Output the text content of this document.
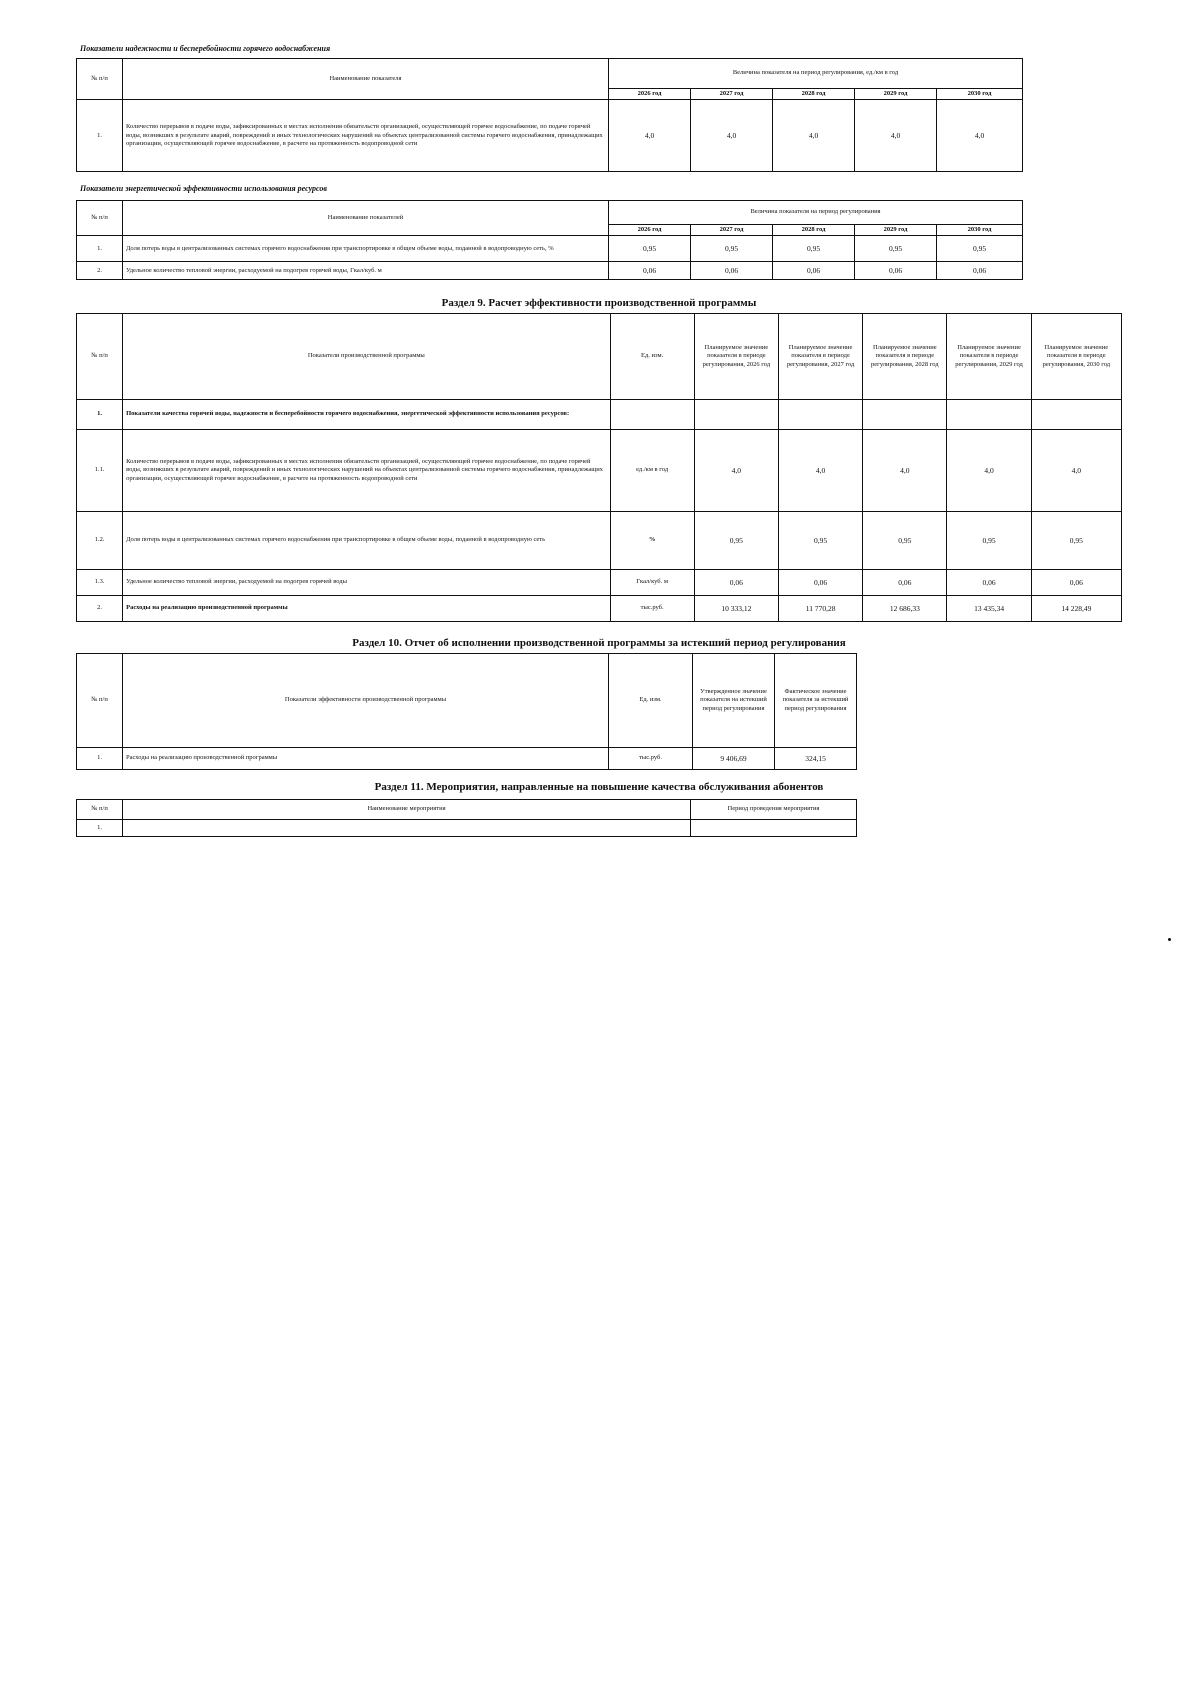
Показатели надежности и бесперебойности горячего водоснабжения
№ п/п	Наименование показателя	Величина показателя на период регулирования, ед./км в год				
		2026 год	2027 год	2028 год	2029 год	2030 год
1.	Количество перерывов в подаче воды, зафиксированных в местах исполнения обязательств организацией, осуществляющей горячее водоснабжение, по подаче горячей воды, возникших в результате аварий, повреждений и иных технологических нарушений на объектах централизованной системы горячего водоснабжения, принадлежащих организации, осуществляющей горячее водоснабжение, в расчете на протяженность водопроводной сети	4,0	4,0	4,0	4,0	4,0
Показатели энергетической эффективности использования ресурсов
№ п/п	Наименование показателей	Величина показателя на период регулирования				
		2026 год	2027 год	2028 год	2029 год	2030 год
1.	Доля потерь воды в централизованных системах горячего водоснабжения при транспортировке в общем объеме воды, поданной в водопроводную сеть, %	0,95	0,95	0,95	0,95	0,95
2.	Удельное количество тепловой энергии, расходуемой на подогрев горячей воды, Гкал/куб. м	0,06	0,06	0,06	0,06	0,06
Раздел 9. Расчет эффективности производственной программы
№ п/п	Показатели производственной программы	Ед. изм.	Планируемое значение показателя в периоде регулирования, 2026 год	Планируемое значение показателя в периоде регулирования, 2027 год	Планируемое значение показателя в периоде регулирования, 2028 год	Планируемое значение показателя в периоде регулирования, 2029 год	Планируемое значение показателя в периоде регулирования, 2030 год
1.	Показатели качества горячей воды, надежности и бесперебойности горячего водоснабжения, энергетической эффективности использования ресурсов:						
1.1.	Количество перерывов в подаче воды, зафиксированных в местах исполнения обязательств организацией, осуществляющей горячее водоснабжение, по подаче горячей воды, возникших в результате аварий, повреждений и иных технологических нарушений на объектах централизованной системы горячего водоснабжения, принадлежащих организации, осуществляющей горячее водоснабжение, в расчете на протяженность водопроводной сети	ед./км в год	4,0	4,0	4,0	4,0	4,0
1.2.	Доля потерь воды в централизованных системах горячего водоснабжения при транспортировке в общем объеме воды, поданной в водопроводную сеть	%	0,95	0,95	0,95	0,95	0,95
1.3.	Удельное количество тепловой энергии, расходуемой на подогрев горячей воды	Гкал/куб. м	0,06	0,06	0,06	0,06	0,06
2.	Расходы на реализацию производственной программы	тыс.руб.	10 333,12	11 770,28	12 686,33	13 435,34	14 228,49
Раздел 10. Отчет об исполнении производственной программы за истекший период регулирования
№ п/п	Показатели эффективности производственной программы	Ед. изм.	Утвержденное значение показателя на истекший период регулирования	Фактическое значение показателя за истекший период регулирования
1.	Расходы на реализацию производственной программы	тыс.руб.	9 406,69	324,15
Раздел 11. Мероприятия, направленные на повышение качества обслуживания абонентов
№ п/п	Наименование мероприятия	Период проведения мероприятия
1.		
